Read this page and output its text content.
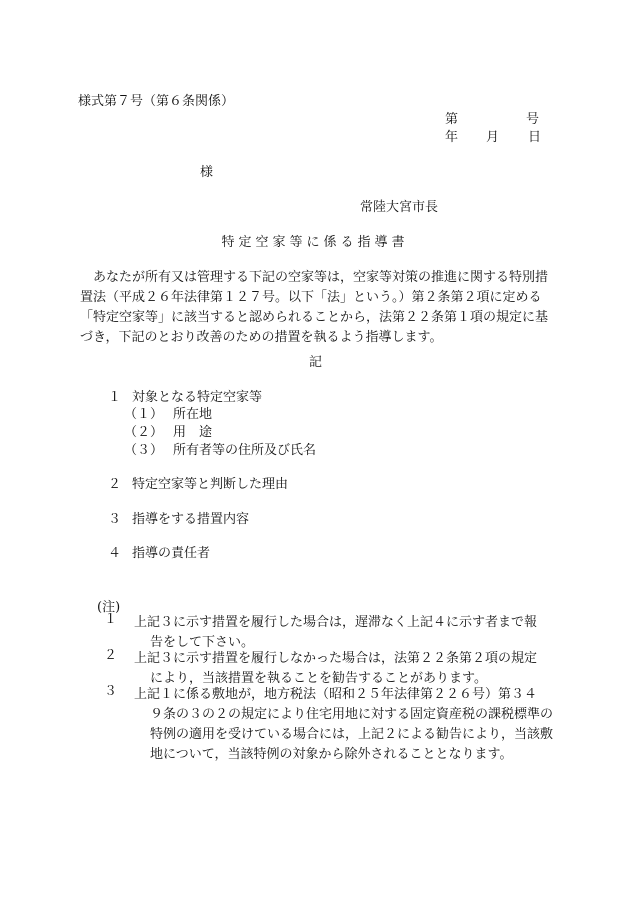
様式第７号（第６条関係）
第	号
年 月 日
様
常陸大宮市長
特定空家等に係る指導書
あなたが所有又は管理する下記の空家等は，空家等対策の推進に関する特別措置法（平成２６年法律第１２７号。以下「法」という。）第２条第２項に定める「特定空家等」に該当すると認められることから，法第２２条第１項の規定に基づき，下記のとおり改善のための措置を執るよう指導します。
記
１ 対象となる特定空家等
（１） 所在地
（２） 用　途
（３） 所有者等の住所及び氏名
２ 特定空家等と判断した理由
３ 指導をする措置内容
４ 指導の責任者
(注)
１ 上記３に示す措置を履行した場合は，遅滞なく上記４に示す者まで報
告をして下さい。
２ 上記３に示す措置を履行しなかった場合は，法第２２条第２項の規定
により，当該措置を執ることを勧告することがあります。
３ 上記１に係る敷地が，地方税法（昭和２５年法律第２２６号）第３４
９条の３の２の規定により住宅用地に対する固定資産税の課税標準の特例の適用を受けている場合には，上記２による勧告により，当該敷地について，当該特例の対象から除外されることとなります。
